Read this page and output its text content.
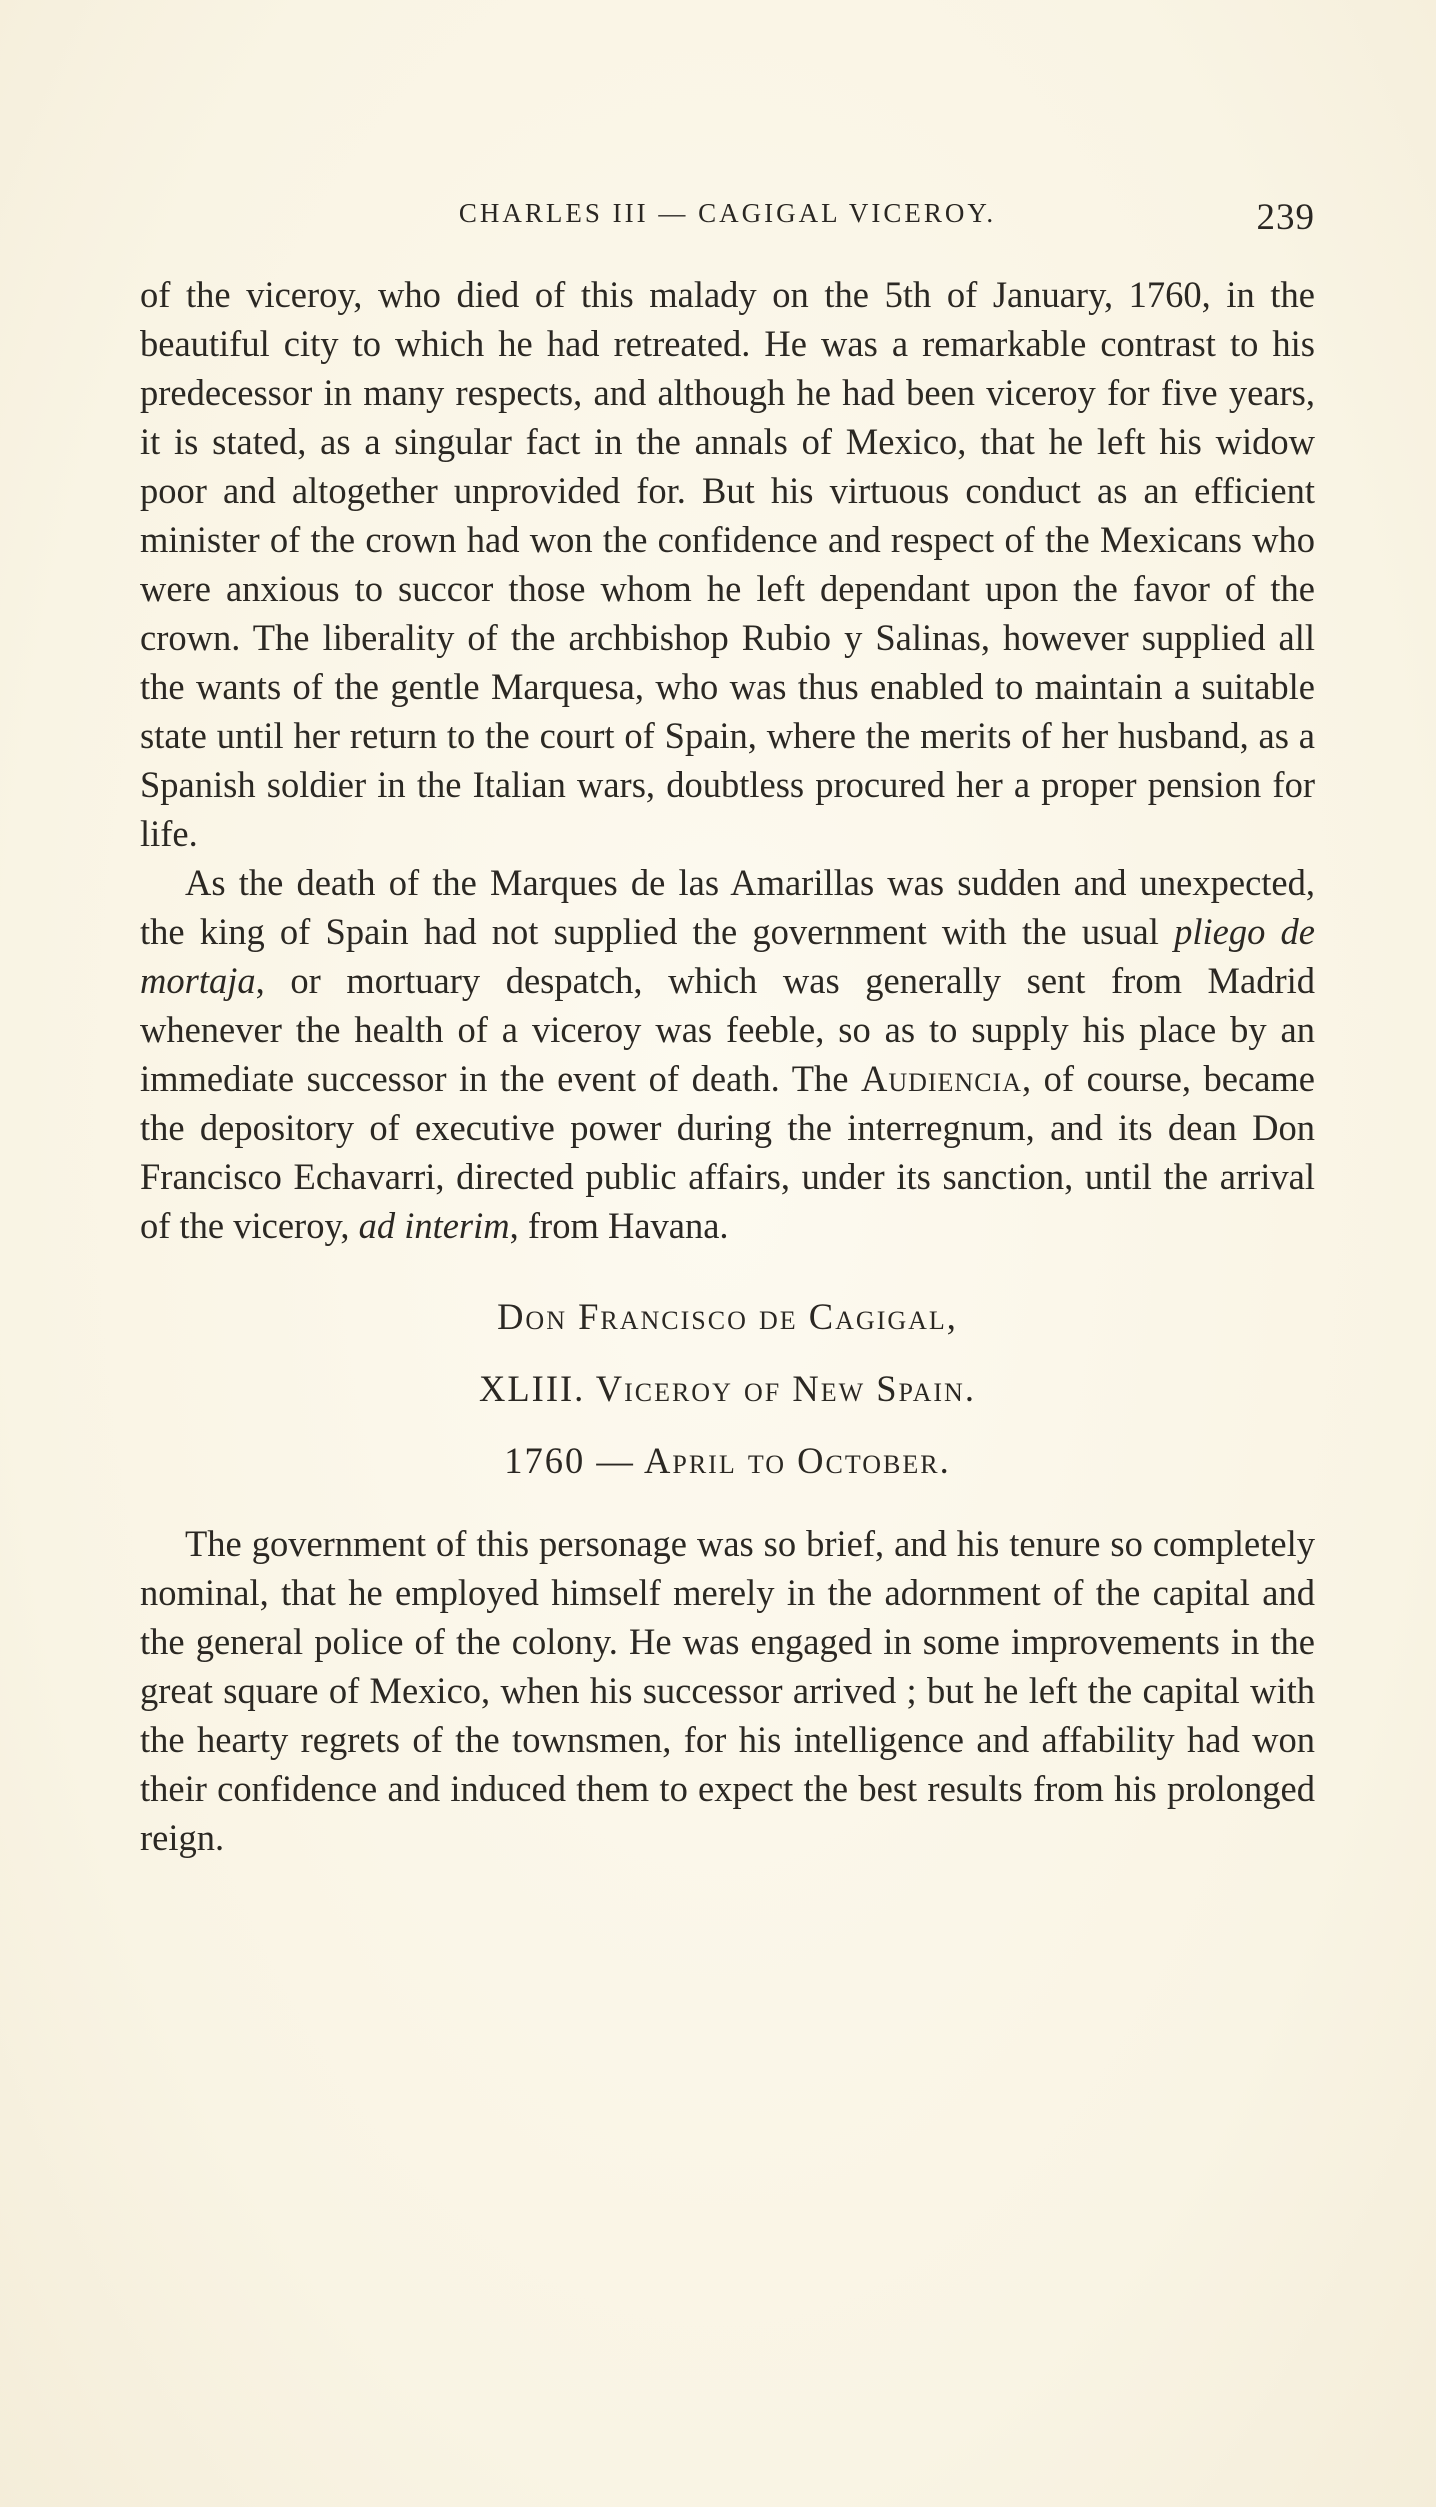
CHARLES III — CAGIGAL VICEROY.	239

of the viceroy, who died of this malady on the 5th of January, 1760, in the beautiful city to which he had retreated. He was a remarkable contrast to his predecessor in many respects, and although he had been viceroy for five years, it is stated, as a singular fact in the annals of Mexico, that he left his widow poor and altogether unprovided for. But his virtuous conduct as an efficient minister of the crown had won the confidence and respect of the Mexicans who were anxious to succor those whom he left dependant upon the favor of the crown. The liberality of the archbishop Rubio y Salinas, however supplied all the wants of the gentle Marquesa, who was thus enabled to maintain a suitable state until her return to the court of Spain, where the merits of her husband, as a Spanish soldier in the Italian wars, doubtless procured her a proper pension for life.

As the death of the Marques de las Amarillas was sudden and unexpected, the king of Spain had not supplied the government with the usual pliego de mortaja, or mortuary despatch, which was generally sent from Madrid whenever the health of a viceroy was feeble, so as to supply his place by an immediate successor in the event of death. The Audiencia, of course, became the depository of executive power during the interregnum, and its dean Don Francisco Echavarri, directed public affairs, under its sanction, until the arrival of the viceroy, ad interim, from Havana.

Don Francisco de Cagigal,

XLIII. Viceroy of New Spain.

1760 — April to October.

The government of this personage was so brief, and his tenure so completely nominal, that he employed himself merely in the adornment of the capital and the general police of the colony. He was engaged in some improvements in the great square of Mexico, when his successor arrived ; but he left the capital with the hearty regrets of the townsmen, for his intelligence and affability had won their confidence and induced them to expect the best results from his prolonged reign.
